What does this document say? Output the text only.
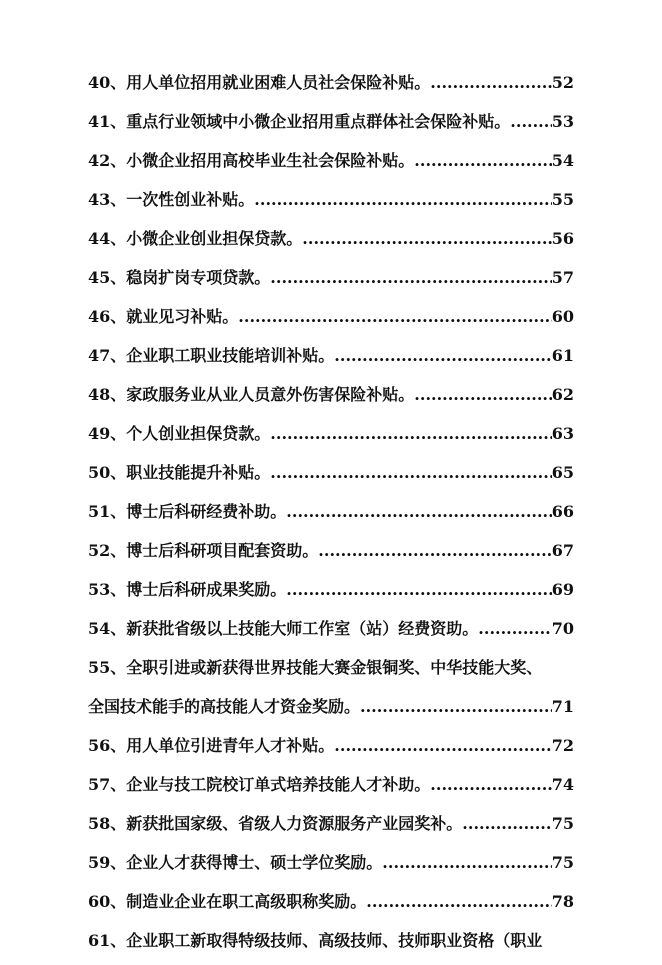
40、 用人单位招用就业困难人员社会保险补贴。 .....	52
41、 重点行业领域中小微企业招用重点群体社会保险补贴。 .....	53
42、 小微企业招用高校毕业生社会保险补贴。 .....	54
43、 一次性创业补贴。 .....	55
44、 小微企业创业担保贷款。 .....	56
45、 稳岗扩岗专项贷款。 .....	57
46、 就业见习补贴。 .....	60
47、 企业职工职业技能培训补贴。 .....	61
48、 家政服务业从业人员意外伤害保险补贴。 .....	62
49、 个人创业担保贷款。 .....	63
50、 职业技能提升补贴。 .....	65
51、 博士后科研经费补助。 .....	66
52、 博士后科研项目配套资助。 .....	67
53、 博士后科研成果奖励。 .....	69
54、 新获批省级以上技能大师工作室（站）经费资助。 .....	70
55、 全职引进或新获得世界技能大赛金银铜奖、中华技能大奖、
全国技术能手的高技能人才资金奖励。 .....	71
56、 用人单位引进青年人才补贴。 .....	72
57、 企业与技工院校订单式培养技能人才补助。 .....	74
58、 新获批国家级、省级人力资源服务产业园奖补。 .....	75
59、 企业人才获得博士、硕士学位奖励。 .....	75
60、 制造业企业在职工高级职称奖励。 .....	78
61、 企业职工新取得特级技师、高级技师、技师职业资格（职业
